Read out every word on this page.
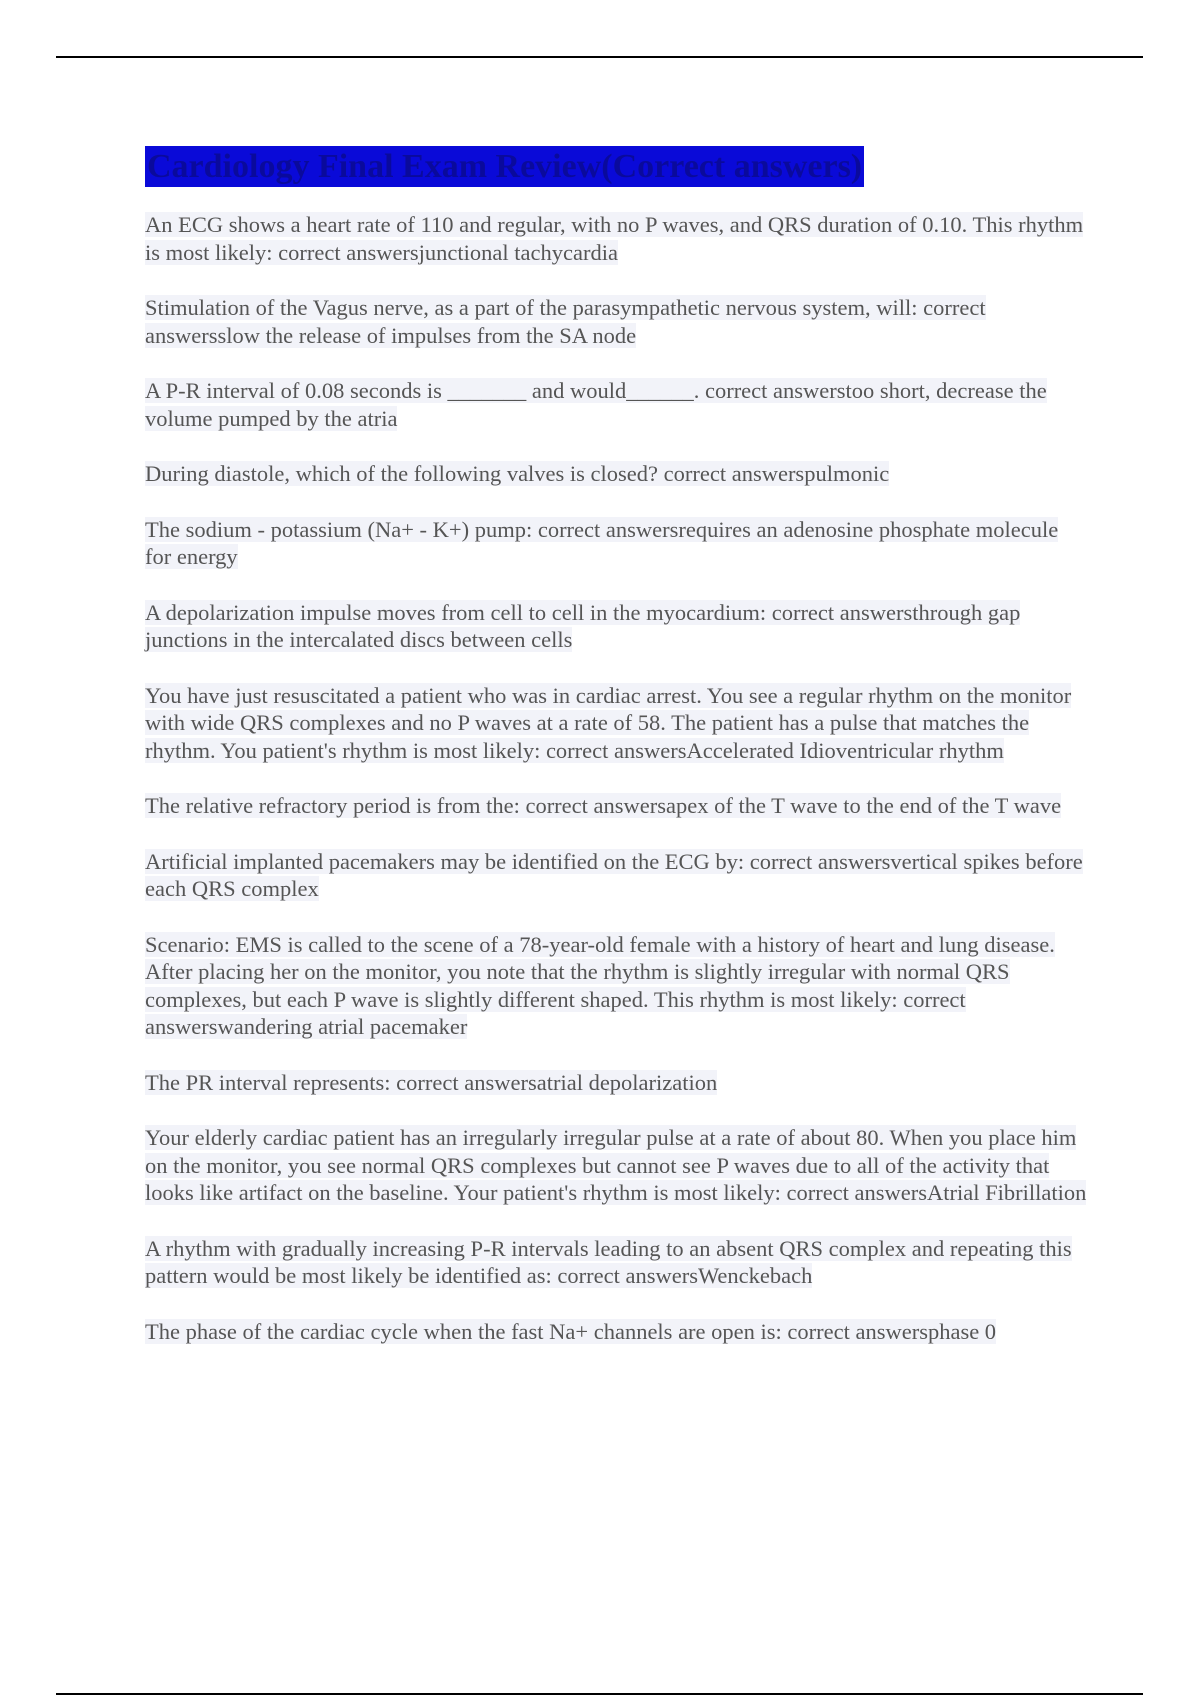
Cardiology Final Exam Review(Correct answers)

An ECG shows a heart rate of 110 and regular, with no P waves, and QRS duration of 0.10. This rhythm is most likely: correct answersjunctional tachycardia

Stimulation of the Vagus nerve, as a part of the parasympathetic nervous system, will: correct answersslow the release of impulses from the SA node

A P-R interval of 0.08 seconds is _______ and would______. correct answerstoo short, decrease the volume pumped by the atria

During diastole, which of the following valves is closed? correct answerspulmonic

The sodium - potassium (Na+ - K+) pump: correct answersrequires an adenosine phosphate molecule for energy

A depolarization impulse moves from cell to cell in the myocardium: correct answersthrough gap junctions in the intercalated discs between cells

You have just resuscitated a patient who was in cardiac arrest. You see a regular rhythm on the monitor with wide QRS complexes and no P waves at a rate of 58. The patient has a pulse that matches the rhythm. You patient's rhythm is most likely: correct answersAccelerated Idioventricular rhythm

The relative refractory period is from the: correct answersapex of the T wave to the end of the T wave

Artificial implanted pacemakers may be identified on the ECG by: correct answersvertical spikes before each QRS complex

Scenario: EMS is called to the scene of a 78-year-old female with a history of heart and lung disease. After placing her on the monitor, you note that the rhythm is slightly irregular with normal QRS complexes, but each P wave is slightly different shaped. This rhythm is most likely: correct answerswandering atrial pacemaker

The PR interval represents: correct answersatrial depolarization

Your elderly cardiac patient has an irregularly irregular pulse at a rate of about 80. When you place him on the monitor, you see normal QRS complexes but cannot see P waves due to all of the activity that looks like artifact on the baseline. Your patient's rhythm is most likely: correct answersAtrial Fibrillation

A rhythm with gradually increasing P-R intervals leading to an absent QRS complex and repeating this pattern would be most likely be identified as: correct answersWenckebach

The phase of the cardiac cycle when the fast Na+ channels are open is: correct answersphase 0
